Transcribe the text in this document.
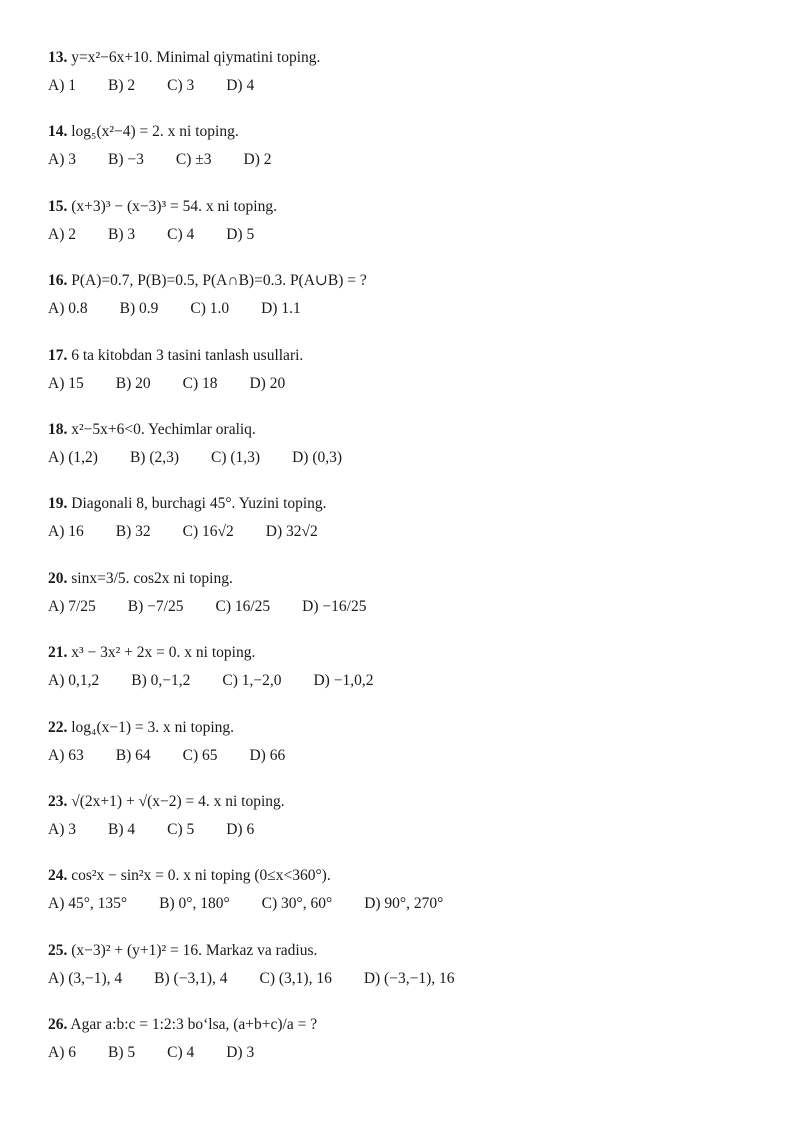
13. y=x²−6x+10. Minimal qiymatini toping.
A) 1 B) 2 C) 3 D) 4
14. log₅(x²−4) = 2. x ni toping.
A) 3 B) −3 C) ±3 D) 2
15. (x+3)³ − (x−3)³ = 54. x ni toping.
A) 2 B) 3 C) 4 D) 5
16. P(A)=0.7, P(B)=0.5, P(A∩B)=0.3. P(A∪B) = ?
A) 0.8 B) 0.9 C) 1.0 D) 1.1
17. 6 ta kitobdan 3 tasini tanlash usullari.
A) 15 B) 20 C) 18 D) 20
18. x²−5x+6<0. Yechimlar oraliq.
A) (1,2) B) (2,3) C) (1,3) D) (0,3)
19. Diagonali 8, burchagi 45°. Yuzini toping.
A) 16 B) 32 C) 16√2 D) 32√2
20. sinx=3/5. cos2x ni toping.
A) 7/25 B) −7/25 C) 16/25 D) −16/25
21. x³ − 3x² + 2x = 0. x ni toping.
A) 0,1,2 B) 0,−1,2 C) 1,−2,0 D) −1,0,2
22. log₄(x−1) = 3. x ni toping.
A) 63 B) 64 C) 65 D) 66
23. √(2x+1) + √(x−2) = 4. x ni toping.
A) 3 B) 4 C) 5 D) 6
24. cos²x − sin²x = 0. x ni toping (0≤x<360°).
A) 45°, 135° B) 0°, 180° C) 30°, 60° D) 90°, 270°
25. (x−3)² + (y+1)² = 16. Markaz va radius.
A) (3,−1), 4 B) (−3,1), 4 C) (3,1), 16 D) (−3,−1), 16
26. Agar a:b:c = 1:2:3 bo‘lsa, (a+b+c)/a = ?
A) 6 B) 5 C) 4 D) 3
